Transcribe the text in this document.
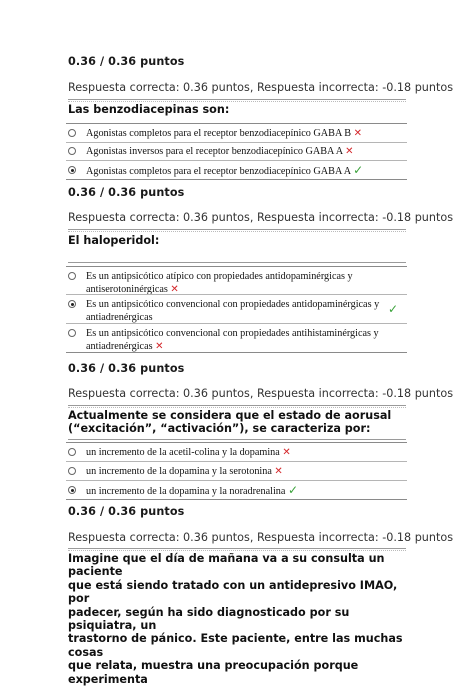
0.36 / 0.36 puntos
Respuesta correcta: 0.36 puntos, Respuesta incorrecta: -0.18 puntos
Las benzodiacepinas son:
Agonistas completos para el receptor benzodiacepínico GABA B ✕
Agonistas inversos para el receptor benzodiacepínico GABA A ✕
Agonistas completos para el receptor benzodiacepínico GABA A ✓
0.36 / 0.36 puntos
Respuesta correcta: 0.36 puntos, Respuesta incorrecta: -0.18 puntos
El haloperidol:
Es un antipsicótico atípico con propiedades antidopaminérgicas y
antiserotoninérgicas ✕
Es un antipsicótico convencional con propiedades antidopaminérgicas y
antiadrenérgicas
✓
Es un antipsicótico convencional con propiedades antihistaminérgicas y
antiadrenérgicas ✕
0.36 / 0.36 puntos
Respuesta correcta: 0.36 puntos, Respuesta incorrecta: -0.18 puntos
Actualmente se considera que el estado de aorusal
(“excitación”, “activación”), se caracteriza por:
un incremento de la acetil-colina y la dopamina ✕
un incremento de la dopamina y la serotonina ✕
un incremento de la dopamina y la noradrenalina ✓
0.36 / 0.36 puntos
Respuesta correcta: 0.36 puntos, Respuesta incorrecta: -0.18 puntos
Imagine que el día de mañana va a su consulta un paciente
que está siendo tratado con un antidepresivo IMAO, por
padecer, según ha sido diagnosticado por su psiquiatra, un
trastorno de pánico. Este paciente, entre las muchas cosas
que relata, muestra una preocupación porque experimenta
